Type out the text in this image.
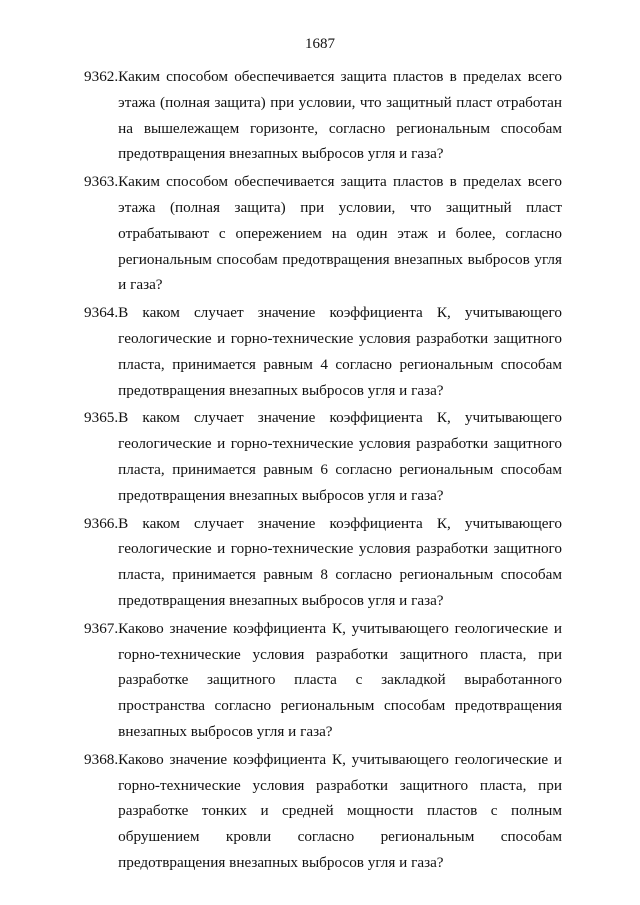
1687
9362. Каким способом обеспечивается защита пластов в пределах всего этажа (полная защита) при условии, что защитный пласт отработан на вышележащем горизонте, согласно региональным способам предотвращения внезапных выбросов угля и газа?
9363. Каким способом обеспечивается защита пластов в пределах всего этажа (полная защита) при условии, что защитный пласт отрабатывают с опережением на один этаж и более, согласно региональным способам предотвращения внезапных выбросов угля и газа?
9364. В каком случает значение коэффициента К, учитывающего геологические и горно-технические условия разработки защитного пласта, принимается равным 4 согласно региональным способам предотвращения внезапных выбросов угля и газа?
9365. В каком случает значение коэффициента К, учитывающего геологические и горно-технические условия разработки защитного пласта, принимается равным 6 согласно региональным способам предотвращения внезапных выбросов угля и газа?
9366. В каком случает значение коэффициента К, учитывающего геологические и горно-технические условия разработки защитного пласта, принимается равным 8 согласно региональным способам предотвращения внезапных выбросов угля и газа?
9367. Каково значение коэффициента К, учитывающего геологические и горно-технические условия разработки защитного пласта, при разработке защитного пласта с закладкой выработанного пространства согласно региональным способам предотвращения внезапных выбросов угля и газа?
9368. Каково значение коэффициента К, учитывающего геологические и горно-технические условия разработки защитного пласта, при разработке тонких и средней мощности пластов с полным обрушением кровли согласно региональным способам предотвращения внезапных выбросов угля и газа?
